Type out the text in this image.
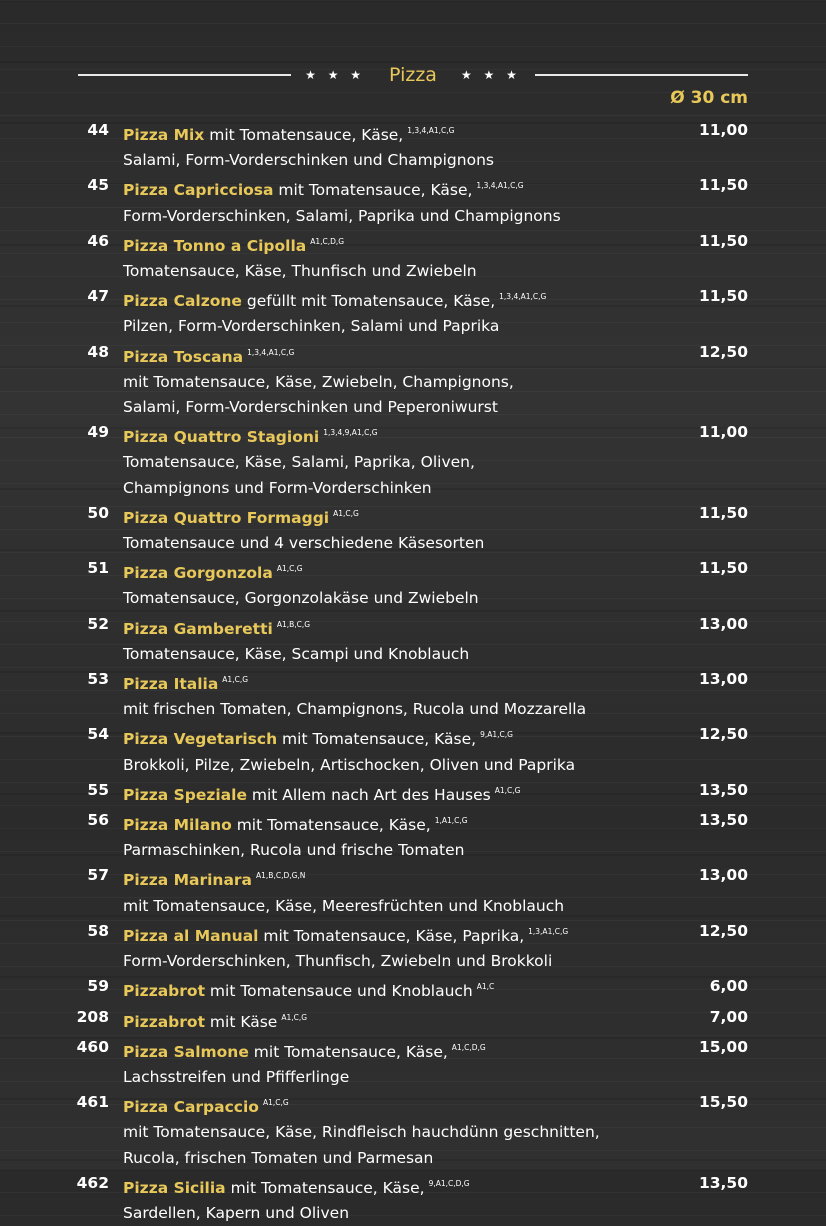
★ ★ ★ Pizza ★ ★ ★
Ø 30 cm
44 Pizza Mix mit Tomatensauce, Käse, $^{1,3,4,A1,C,G}$
Salami, Form-Vorderschinken und Champignons
11,00
45 Pizza Capricciosa mit Tomatensauce, Käse, $^{1,3,4,A1,C,G}$
Form-Vorderschinken, Salami, Paprika und Champignons
11,50
46 Pizza Tonno a Cipolla $^{A1,C,D,G}$
Tomatensauce, Käse, Thunfisch und Zwiebeln
11,50
47 Pizza Calzone gefüllt mit Tomatensauce, Käse, $^{1,3,4,A1,C,G}$
Pilzen, Form-Vorderschinken, Salami und Paprika
11,50
48 Pizza Toscana $^{1,3,4,A1,C,G}$
mit Tomatensauce, Käse, Zwiebeln, Champignons,
Salami, Form-Vorderschinken und Peperoniwurst
12,50
49 Pizza Quattro Stagioni $^{1,3,4,9,A1,C,G}$
Tomatensauce, Käse, Salami, Paprika, Oliven,
Champignons und Form-Vorderschinken
11,00
50 Pizza Quattro Formaggi $^{A1,C,G}$
Tomatensauce und 4 verschiedene Käsesorten
11,50
51 Pizza Gorgonzola $^{A1,C,G}$
Tomatensauce, Gorgonzolakäse und Zwiebeln
11,50
52 Pizza Gamberetti $^{A1,B,C,G}$
Tomatensauce, Käse, Scampi und Knoblauch
13,00
53 Pizza Italia $^{A1,C,G}$
mit frischen Tomaten, Champignons, Rucola und Mozzarella
13,00
54 Pizza Vegetarisch mit Tomatensauce, Käse, $^{9,A1,C,G}$
Brokkoli, Pilze, Zwiebeln, Artischocken, Oliven und Paprika
12,50
55 Pizza Speziale mit Allem nach Art des Hauses $^{A1,C,G}$	13,50
56 Pizza Milano mit Tomatensauce, Käse, $^{1,A1,C,G}$
Parmaschinken, Rucola und frische Tomaten
13,50
57 Pizza Marinara $^{A1,B,C,D,G,N}$
mit Tomatensauce, Käse, Meeresfrüchten und Knoblauch
13,00
58 Pizza al Manual mit Tomatensauce, Käse, Paprika, $^{1,3,A1,C,G}$
Form-Vorderschinken, Thunfisch, Zwiebeln und Brokkoli
12,50
59 Pizzabrot mit Tomatensauce und Knoblauch $^{A1,C}$	6,00
208 Pizzabrot mit Käse $^{A1,C,G}$	7,00
460 Pizza Salmone mit Tomatensauce, Käse, $^{A1,C,D,G}$
Lachsstreifen und Pfifferlinge
15,00
461 Pizza Carpaccio $^{A1,C,G}$
mit Tomatensauce, Käse, Rindfleisch hauchdünn geschnitten,
Rucola, frischen Tomaten und Parmesan
15,50
462 Pizza Sicilia mit Tomatensauce, Käse, $^{9,A1,C,D,G}$
Sardellen, Kapern und Oliven
13,50
